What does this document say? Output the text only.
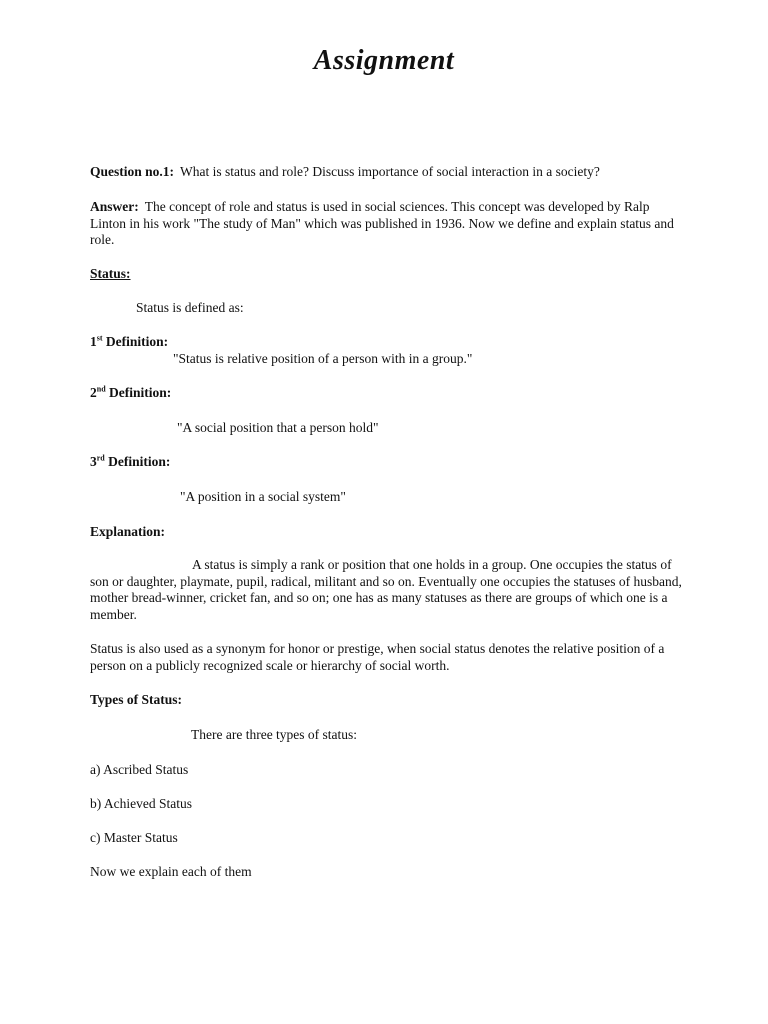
Assignment
Question no.1: What is status and role? Discuss importance of social interaction in a society?
Answer: The concept of role and status is used in social sciences. This concept was developed by Ralp Linton in his work "The study of Man" which was published in 1936. Now we define and explain status and role.
Status:
Status is defined as:
1st Definition:
"Status is relative position of a person with in a group."
2nd Definition:
"A social position that a person hold"
3rd Definition:
"A position in a social system"
Explanation:
A status is simply a rank or position that one holds in a group. One occupies the status of son or daughter, playmate, pupil, radical, militant and so on. Eventually one occupies the statuses of husband, mother bread-winner, cricket fan, and so on; one has as many statuses as there are groups of which one is a member.
Status is also used as a synonym for honor or prestige, when social status denotes the relative position of a person on a publicly recognized scale or hierarchy of social worth.
Types of Status:
There are three types of status:
a) Ascribed Status
b) Achieved Status
c) Master Status
Now we explain each of them
